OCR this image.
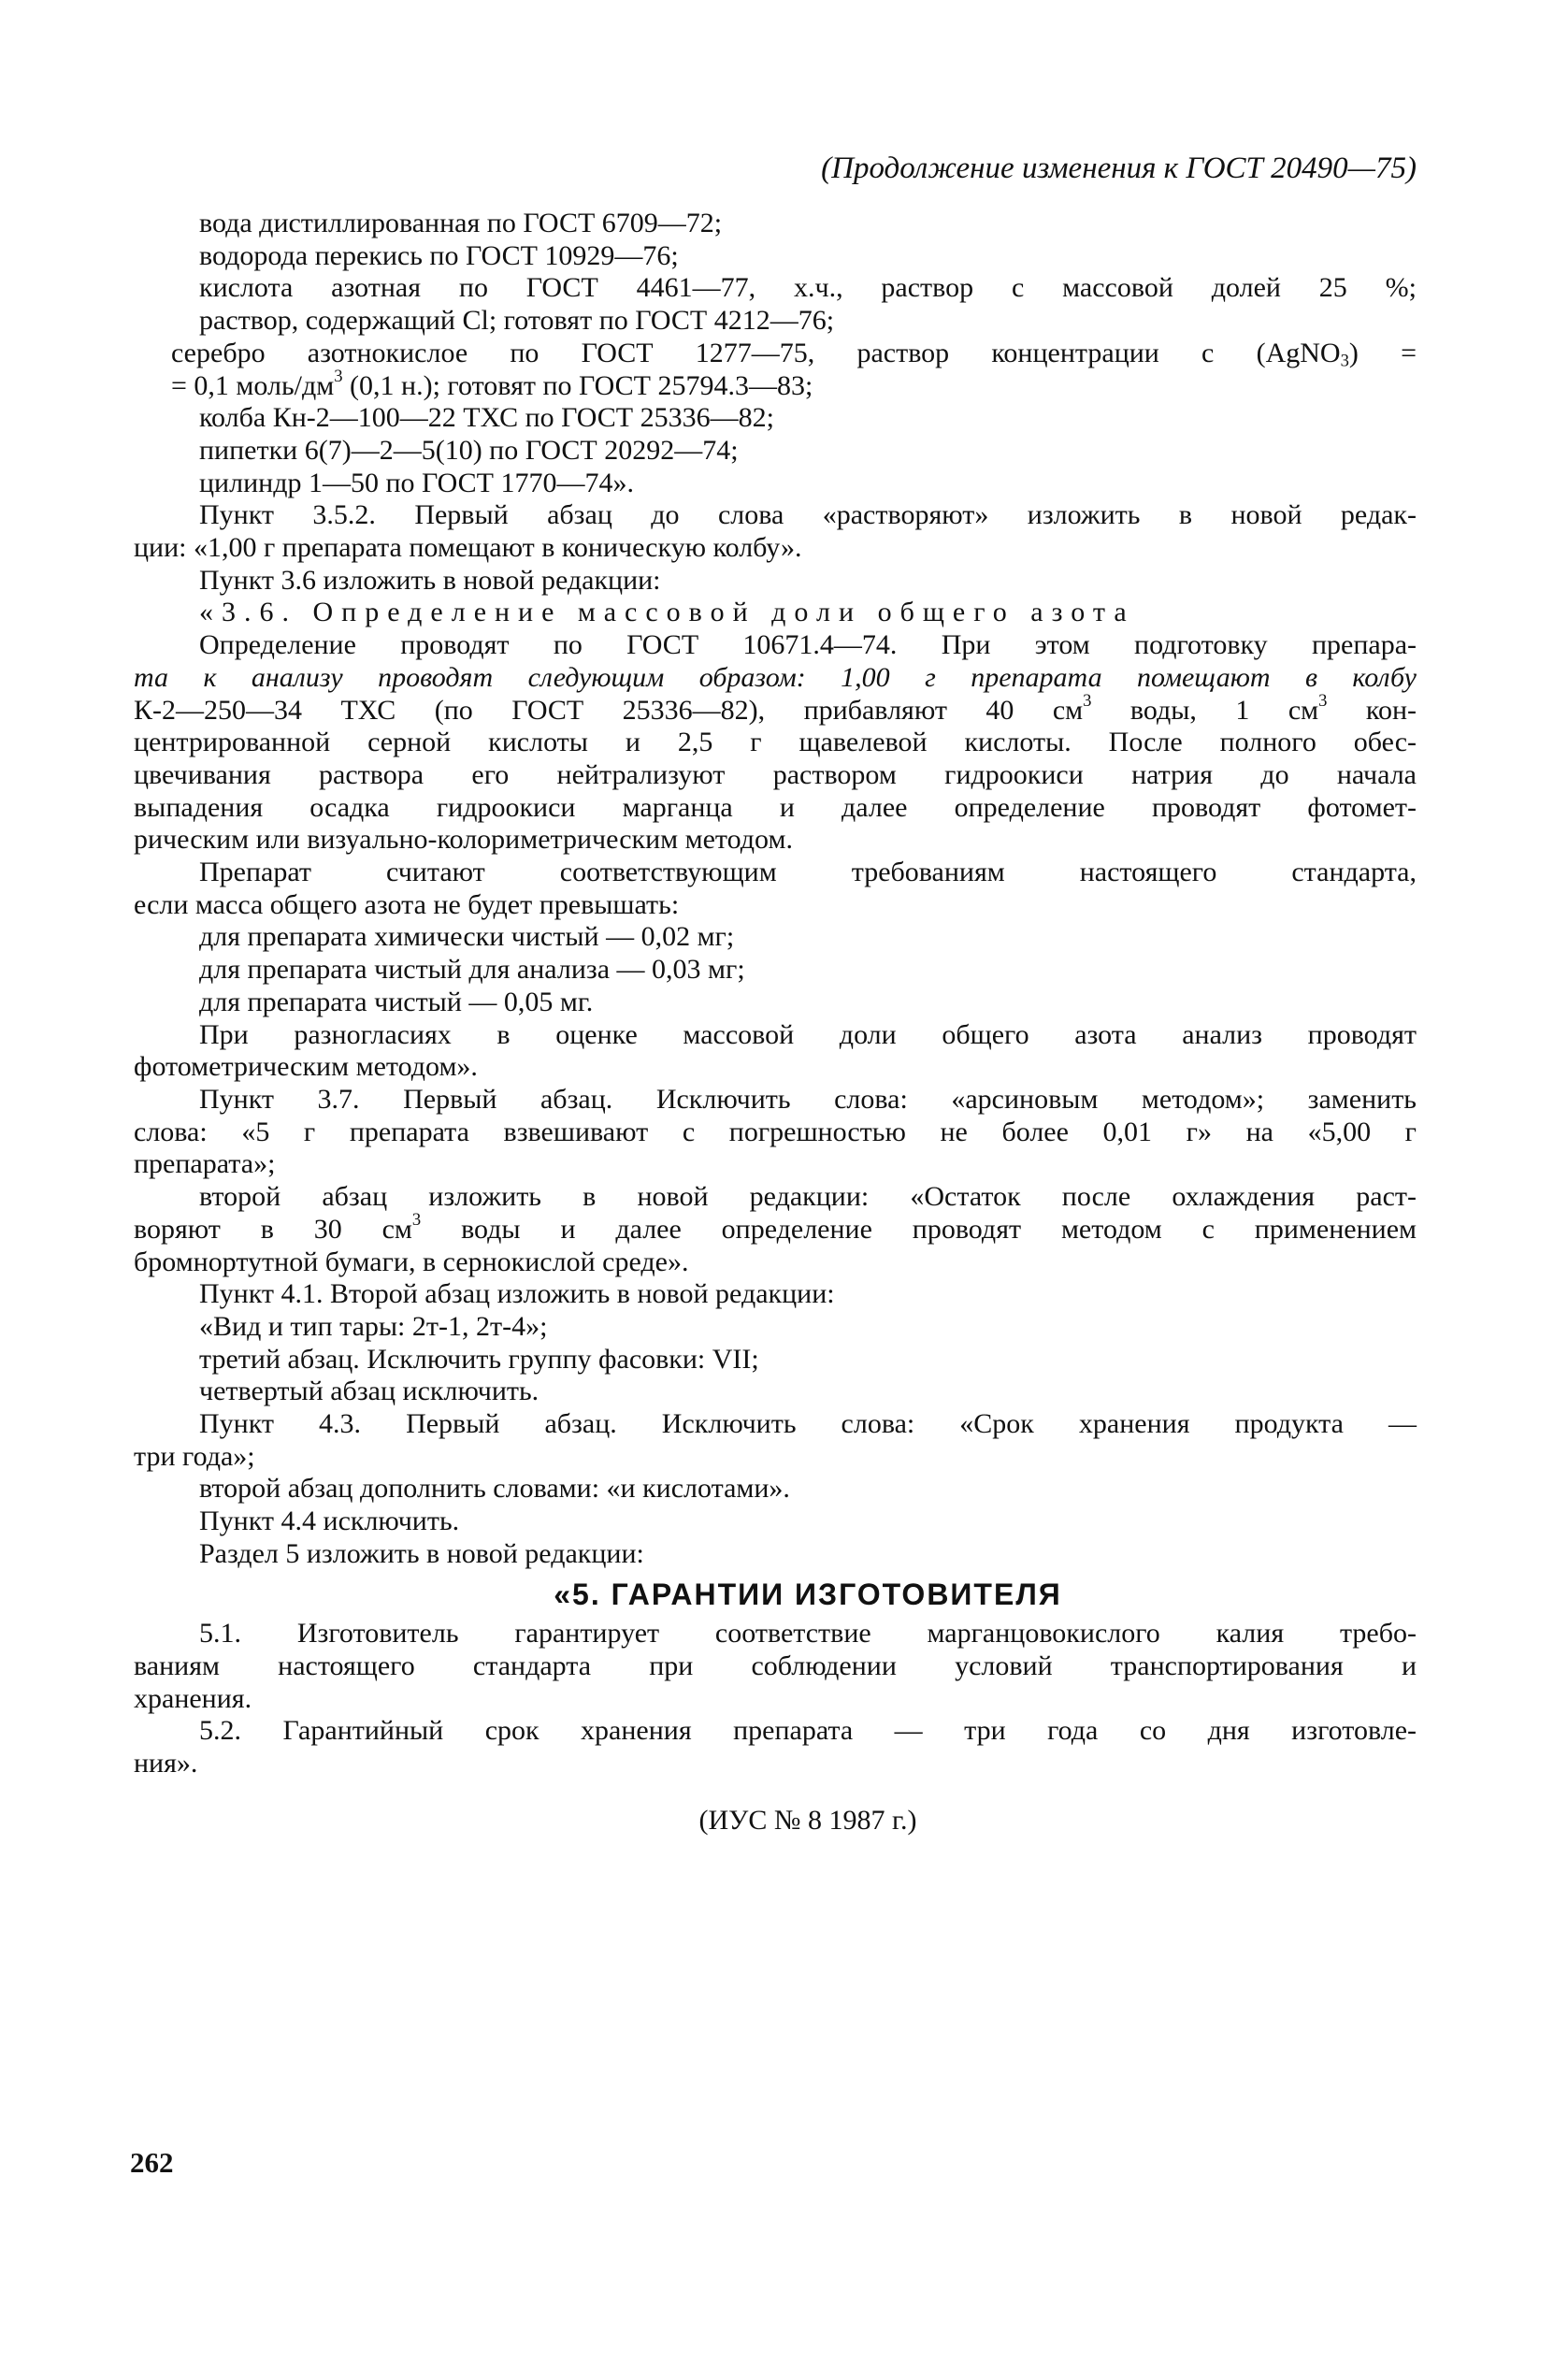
(Продолжение изменения к ГОСТ 20490—75)
вода дистиллированная по ГОСТ 6709—72;
водорода перекись по ГОСТ 10929—76;
кислота азотная по ГОСТ 4461—77, х.ч., раствор с массовой долей 25 %;
раствор, содержащий Cl; готовят по ГОСТ 4212—76;
серебро азотнокислое по ГОСТ 1277—75, раствор концентрации с (AgNO$_3$) =
= 0,1 моль/$дм^3$ (0,1 н.); готовят по ГОСТ 25794.3—83;
колба Кн-2—100—22 ТХС по ГОСТ 25336—82;
пипетки 6(7)—2—5(10) по ГОСТ 20292—74;
цилиндр 1—50 по ГОСТ 1770—74».
Пункт 3.5.2. Первый абзац до слова «растворяют» изложить в новой редак-
ции: «1,00 г препарата помещают в коническую колбу».
Пункт 3.6 изложить в новой редакции:
«3.6. Определение массовой доли общего азота
Определение проводят по ГОСТ 10671.4—74. При этом подготовку препара-
та к анализу проводят следующим образом: 1,00 г препарата помещают в колбу
К-2—250—34 ТХС (по ГОСТ 25336—82), прибавляют 40 $см^3$ воды, 1 $см^3$ кон-
центрированной серной кислоты и 2,5 г щавелевой кислоты. После полного обес-
цвечивания раствора его нейтрализуют раствором гидроокиси натрия до начала
выпадения осадка гидроокиси марганца и далее определение проводят фотомет-
рическим или визуально-колориметрическим методом.
Препарат считают соответствующим требованиям настоящего стандарта,
если масса общего азота не будет превышать:
для препарата химически чистый — 0,02 мг;
для препарата чистый для анализа — 0,03 мг;
для препарата чистый — 0,05 мг.
При разногласиях в оценке массовой доли общего азота анализ проводят
фотометрическим методом».
Пункт 3.7. Первый абзац. Исключить слова: «арсиновым методом»; заменить
слова: «5 г препарата взвешивают с погрешностью не более 0,01 г» на «5,00 г
препарата»;
второй абзац изложить в новой редакции: «Остаток после охлаждения раст-
воряют в 30 $см^3$ воды и далее определение проводят методом с применением
бромнортутной бумаги, в сернокислой среде».
Пункт 4.1. Второй абзац изложить в новой редакции:
«Вид и тип тары: 2т-1, 2т-4»;
третий абзац. Исключить группу фасовки: VII;
четвертый абзац исключить.
Пункт 4.3. Первый абзац. Исключить слова: «Срок хранения продукта —
три года»;
второй абзац дополнить словами: «и кислотами».
Пункт 4.4 исключить.
Раздел 5 изложить в новой редакции:
«5. ГАРАНТИИ ИЗГОТОВИТЕЛЯ
5.1. Изготовитель гарантирует соответствие марганцовокислого калия требо-
ваниям настоящего стандарта при соблюдении условий транспортирования и
хранения.
5.2. Гарантийный срок хранения препарата — три года со дня изготовле-
ния».
(ИУС № 8 1987 г.)
262
